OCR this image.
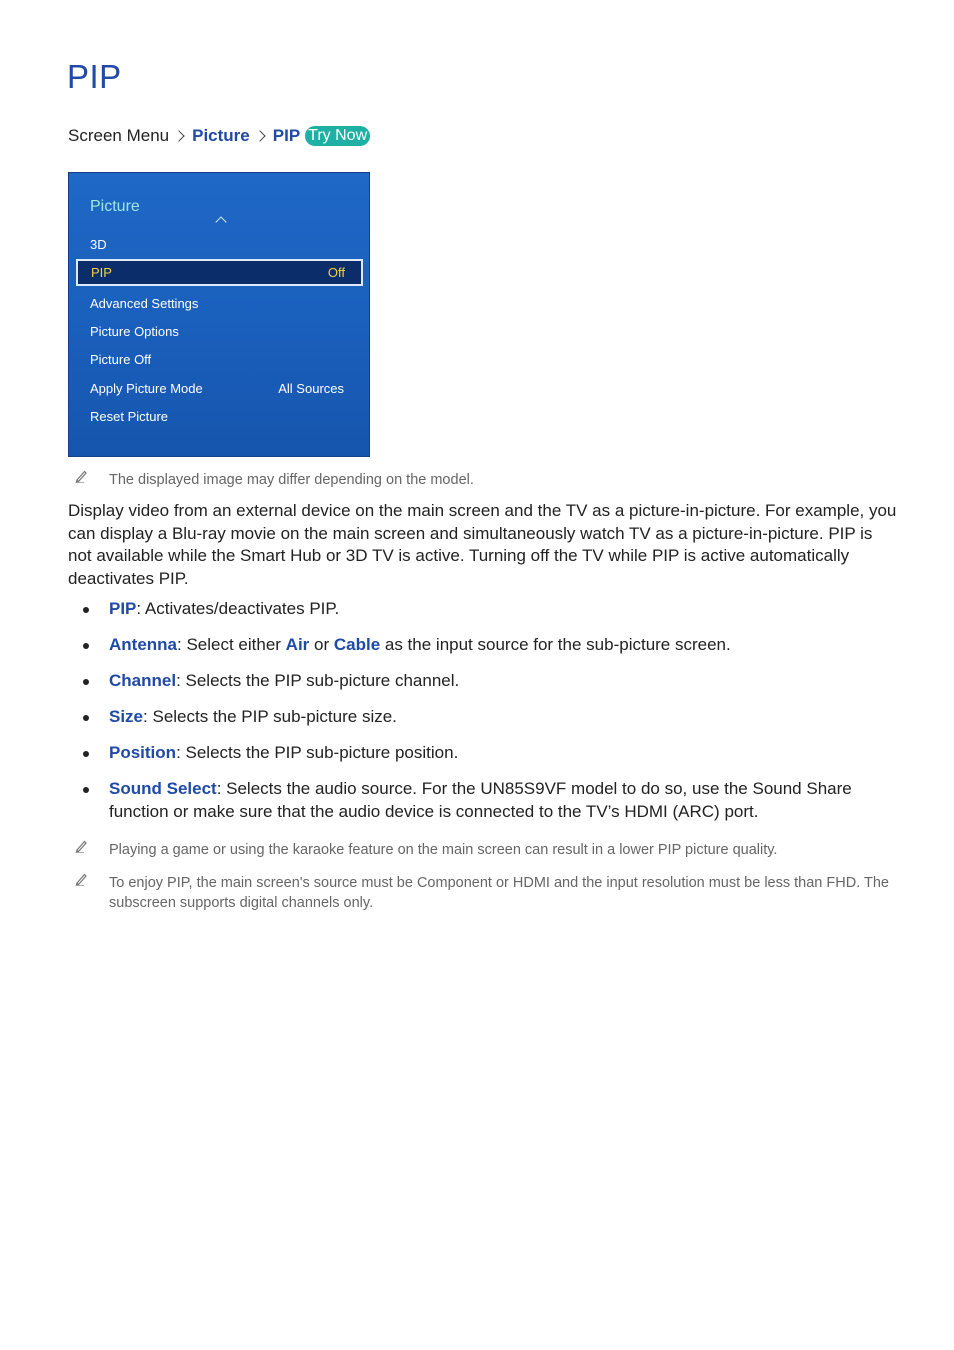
PIP
Screen Menu Picture PIP Try Now
Picture
3D
PIP	Off
Advanced Settings
Picture Options
Picture Off
Apply Picture Mode	All Sources
Reset Picture
The displayed image may differ depending on the model.

Display video from an external device on the main screen and the TV as a picture-in-picture. For example, you can display a Blu-ray movie on the main screen and simultaneously watch TV as a picture-in-picture. PIP is not available while the Smart Hub or 3D TV is active. Turning off the TV while PIP is active automatically deactivates PIP.

PIP: Activates/deactivates PIP.
Antenna: Select either Air or Cable as the input source for the sub-picture screen.
Channel: Selects the PIP sub-picture channel.
Size: Selects the PIP sub-picture size.
Position: Selects the PIP sub-picture position.
Sound Select: Selects the audio source. For the UN85S9VF model to do so, use the Sound Share function or make sure that the audio device is connected to the TV’s HDMI (ARC) port.
Playing a game or using the karaoke feature on the main screen can result in a lower PIP picture quality.
To enjoy PIP, the main screen's source must be Component or HDMI and the input resolution must be less than FHD. The subscreen supports digital channels only.
